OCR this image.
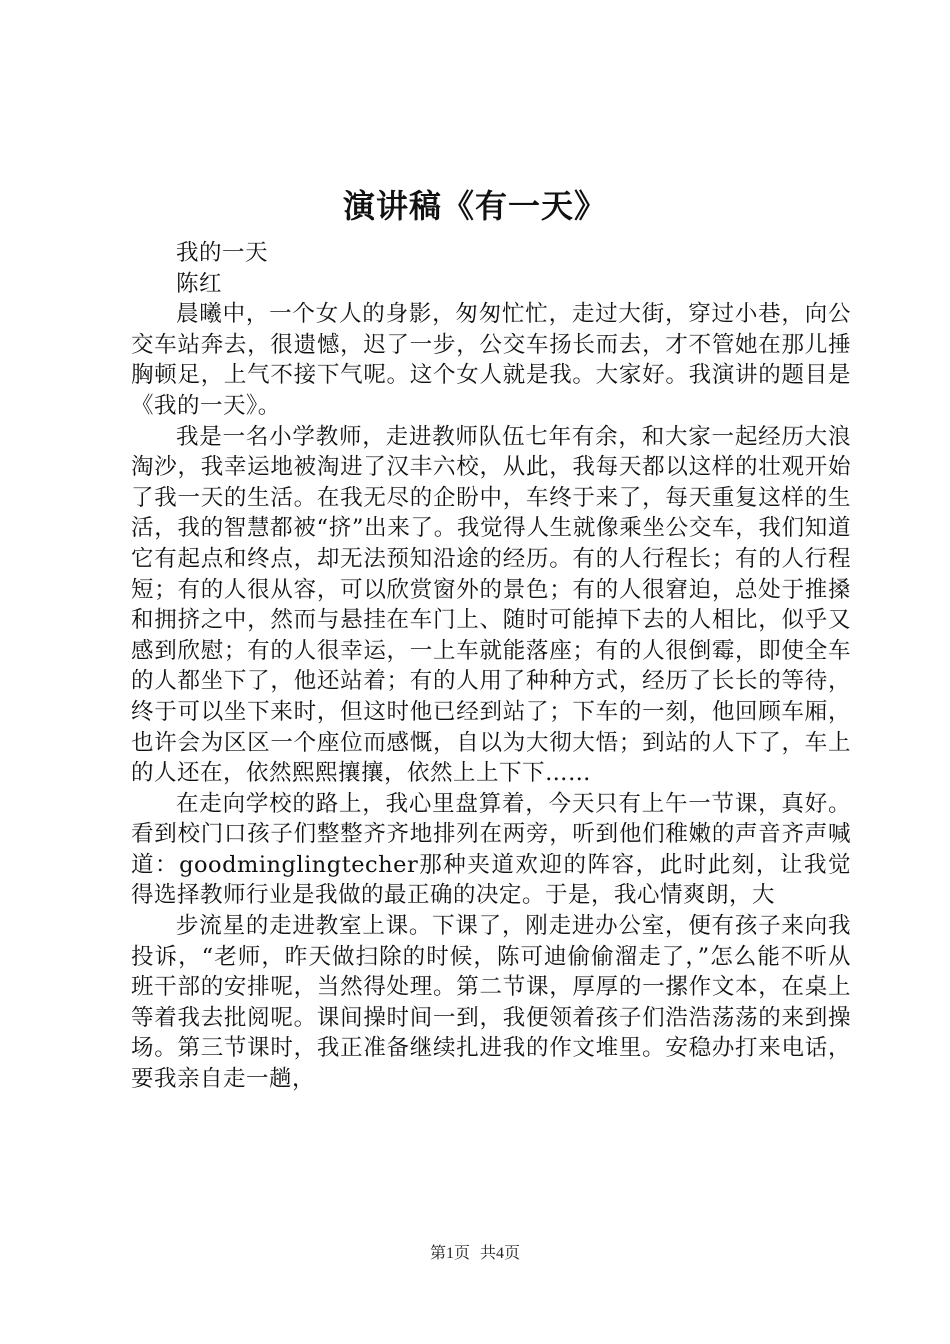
演讲稿《有一天》

我的一天

陈红

晨曦中，一个女人的身影，匆匆忙忙，走过大街，穿过小巷，向公交车站奔去，很遗憾，迟了一步，公交车扬长而去，才不管她在那儿捶胸顿足，上气不接下气呢。这个女人就是我。大家好。我演讲的题目是《我的一天》。

我是一名小学教师，走进教师队伍七年有余，和大家一起经历大浪淘沙，我幸运地被淘进了汉丰六校，从此，我每天都以这样的壮观开始了我一天的生活。在我无尽的企盼中，车终于来了，每天重复这样的生活，我的智慧都被“挤”出来了。我觉得人生就像乘坐公交车，我们知道它有起点和终点，却无法预知沿途的经历。有的人行程长；有的人行程短；有的人很从容，可以欣赏窗外的景色；有的人很窘迫，总处于推搡和拥挤之中，然而与悬挂在车门上、随时可能掉下去的人相比，似乎又感到欣慰；有的人很幸运，一上车就能落座；有的人很倒霉，即使全车的人都坐下了，他还站着；有的人用了种种方式，经历了长长的等待，终于可以坐下来时，但这时他已经到站了；下车的一刻，他回顾车厢，也许会为区区一个座位而感慨，自以为大彻大悟；到站的人下了，车上的人还在，依然熙熙攘攘，依然上上下下……

在走向学校的路上，我心里盘算着，今天只有上午一节课，真好。看到校门口孩子们整整齐齐地排列在两旁，听到他们稚嫩的声音齐声喊道：goodminglingtecher那种夹道欢迎的阵容，此时此刻，让我觉得选择教师行业是我做的最正确的决定。于是，我心情爽朗，大

步流星的走进教室上课。下课了，刚走进办公室，便有孩子来向我投诉，“老师，昨天做扫除的时候，陈可迪偷偷溜走了，”怎么能不听从班干部的安排呢，当然得处理。第二节课，厚厚的一摞作文本，在桌上等着我去批阅呢。课间操时间一到，我便领着孩子们浩浩荡荡的来到操场。第三节课时，我正准备继续扎进我的作文堆里。安稳办打来电话，要我亲自走一趟，

第1页 共4页
